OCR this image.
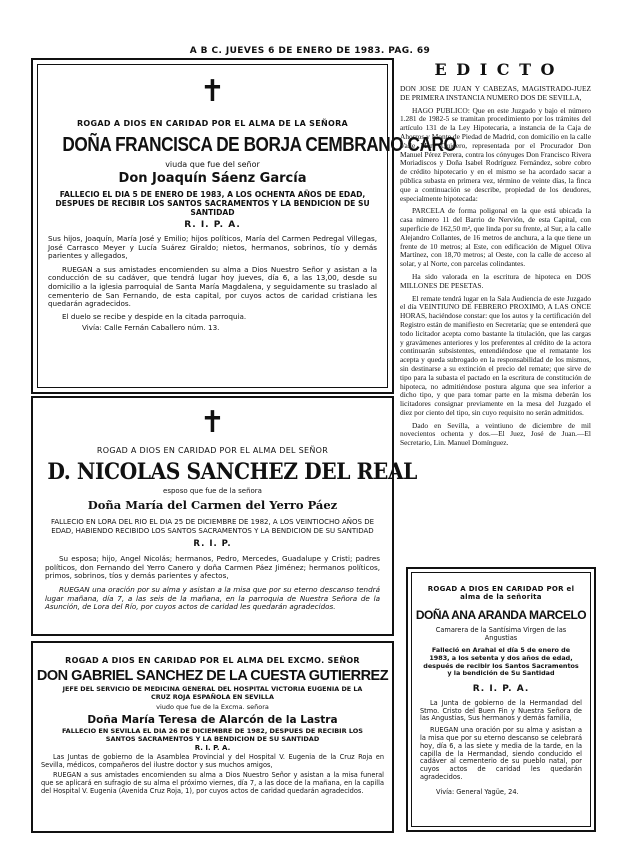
A B C. JUEVES 6 DE ENERO DE 1983. PAG. 69
✝
ROGAD A DIOS EN CARIDAD POR EL ALMA DE LA SEÑORA
DOÑA FRANCISCA DE BORJA CEMBRANO CARO
viuda que fue del señor
Don Joaquín Sáenz García
FALLECIO EL DIA 5 DE ENERO DE 1983, A LOS OCHENTA AÑOS DE EDAD, DESPUES DE RECIBIR LOS SANTOS SACRAMENTOS Y LA BENDICION DE SU SANTIDAD
R. I. P. A.
Sus hijos, Joaquín, María José y Emilio; hijos políticos, María del Carmen Pedregal Villegas, José Carrasco Meyer y Lucía Suárez Giraldo; nietos, hermanos, sobrinos, tío y demás parientes y allegados,
RUEGAN a sus amistades encomienden su alma a Dios Nuestro Señor y asistan a la conducción de su cadáver, que tendrá lugar hoy jueves, día 6, a las 13,00, desde su domicilio a la iglesia parroquial de Santa María Magdalena, y seguidamente su traslado al cementerio de San Fernando, de esta capital, por cuyos actos de caridad cristiana les quedarán agradecidos.
El duelo se recibe y despide en la citada parroquia.
Vivía: Calle Fernán Caballero núm. 13.
✝
ROGAD A DIOS EN CARIDAD POR EL ALMA DEL SEÑOR
D. NICOLAS SANCHEZ DEL REAL
esposo que fue de la señora
Doña María del Carmen del Yerro Páez
FALLECIO EN LORA DEL RIO EL DIA 25 DE DICIEMBRE DE 1982, A LOS VEINTIOCHO AÑOS DE EDAD, HABIENDO RECIBIDO LOS SANTOS SACRAMENTOS Y LA BENDICION DE SU SANTIDAD
R. I. P.
Su esposa; hijo, Angel Nicolás; hermanos, Pedro, Mercedes, Guadalupe y Cristi; padres políticos, don Fernando del Yerro Canero y doña Carmen Páez Jiménez; hermanos políticos, primos, sobrinos, tíos y demás parientes y afectos,
RUEGAN una oración por su alma y asistan a la misa que por su eterno descanso tendrá lugar mañana, día 7, a las seis de la mañana, en la parroquia de Nuestra Señora de la Asunción, de Lora del Río, por cuyos actos de caridad les quedarán agradecidos.
ROGAD A DIOS EN CARIDAD POR EL ALMA DEL EXCMO. SEÑOR
DON GABRIEL SANCHEZ DE LA CUESTA GUTIERREZ
JEFE DEL SERVICIO DE MEDICINA GENERAL DEL HOSPITAL VICTORIA EUGENIA DE LA CRUZ ROJA ESPAÑOLA EN SEVILLA
viudo que fue de la Excma. señora
Doña María Teresa de Alarcón de la Lastra
FALLECIO EN SEVILLA EL DIA 26 DE DICIEMBRE DE 1982, DESPUES DE RECIBIR LOS SANTOS SACRAMENTOS Y LA BENDICION DE SU SANTIDAD
R. I. P. A.
Las Juntas de gobierno de la Asamblea Provincial y del Hospital V. Eugenia de la Cruz Roja en Sevilla, médicos, compañeros del ilustre doctor y sus muchos amigos,
RUEGAN a sus amistades encomienden su alma a Dios Nuestro Señor y asistan a la misa funeral que se aplicará en sufragio de su alma el próximo viernes, día 7, a las doce de la mañana, en la capilla del Hospital V. Eugenia (Avenida Cruz Roja, 1), por cuyos actos de caridad quedarán agradecidos.
E D I C T O
DON JOSE DE JUAN Y CABEZAS, MAGISTRADO-JUEZ DE PRIMERA INSTANCIA NUMERO DOS DE SEVILLA,
HAGO PUBLICO: Que en este Juzgado y bajo el número 1.281 de 1982-5 se tramitan procedimiento por los trámites del artículo 131 de la Ley Hipotecaria, a instancia de la Caja de Ahorros y Monte de Piedad de Madrid, con domicilio en la calle Valle Mere Quidero, representada por el Procurador Don Manuel Pérez Perera, contra los cónyuges Don Francisco Rivera Moriadiscos y Doña Isabel Rodríguez Fernández, sobre cobro de crédito hipotecario y en el mismo se ha acordado sacar a pública subasta en primera vez, término de veinte días, la finca que a continuación se describe, propiedad de los deudores, especialmente hipotecada:
PARCELA de forma poligonal en la que está ubicada la casa número 11 del Barrio de Nervión, de esta Capital, con superficie de 162,50 m², que linda por su frente, al Sur, a la calle Alejandro Collantes, de 16 metros de anchura, a la que tiene un frente de 10 metros; al Este, con edificación de Miguel Oliva Martínez, con 18,70 metros; al Oeste, con la calle de acceso al solar, y al Norte, con parcelas colindantes.
Ha sido valorada en la escritura de hipoteca en DOS MILLONES DE PESETAS.
El remate tendrá lugar en la Sala Audiencia de este Juzgado el día VEINTIUNO DE FEBRERO PROXIMO, A LAS ONCE HORAS, haciéndose constar: que los autos y la certificación del Registro están de manifiesto en Secretaría; que se entenderá que todo licitador acepta como bastante la titulación, que las cargas y gravámenes anteriores y los preferentes al crédito de la actora continuarán subsistentes, entendiéndose que el rematante los acepta y queda subrogado en la responsabilidad de los mismos, sin destinarse a su extinción el precio del remate; que sirve de tipo para la subasta el pactado en la escritura de constitución de hipoteca, no admitiéndose postura alguna que sea inferior a dicho tipo, y que para tomar parte en la misma deberán los licitadores consignar previamente en la mesa del Juzgado el diez por ciento del tipo, sin cuyo requisito no serán admitidos.
Dado en Sevilla, a veintiuno de diciembre de mil novecientos ochenta y dos.—El Juez, José de Juan.—El Secretario, Lin. Manuel Domínguez.
ROGAD A DIOS EN CARIDAD POR el alma de la señorita
DOÑA ANA ARANDA MARCELO
Camarera de la Santísima Virgen de las Angustias
Falleció en Arahal el día 5 de enero de 1983, a los setenta y dos años de edad, después de recibir los Santos Sacramentos y la bendición de Su Santidad
R. I. P. A.
La Junta de gobierno de la Hermandad del Stmo. Cristo del Buen Fin y Nuestra Señora de las Angustias, Sus hermanos y demás familia,
RUEGAN una oración por su alma y asistan a la misa que por su eterno descanso se celebrará hoy, día 6, a las siete y media de la tarde, en la capilla de la Hermandad, siendo conducido el cadáver al cementerio de su pueblo natal, por cuyos actos de caridad les quedarán agradecidos.
Vivía: General Yagüe, 24.
